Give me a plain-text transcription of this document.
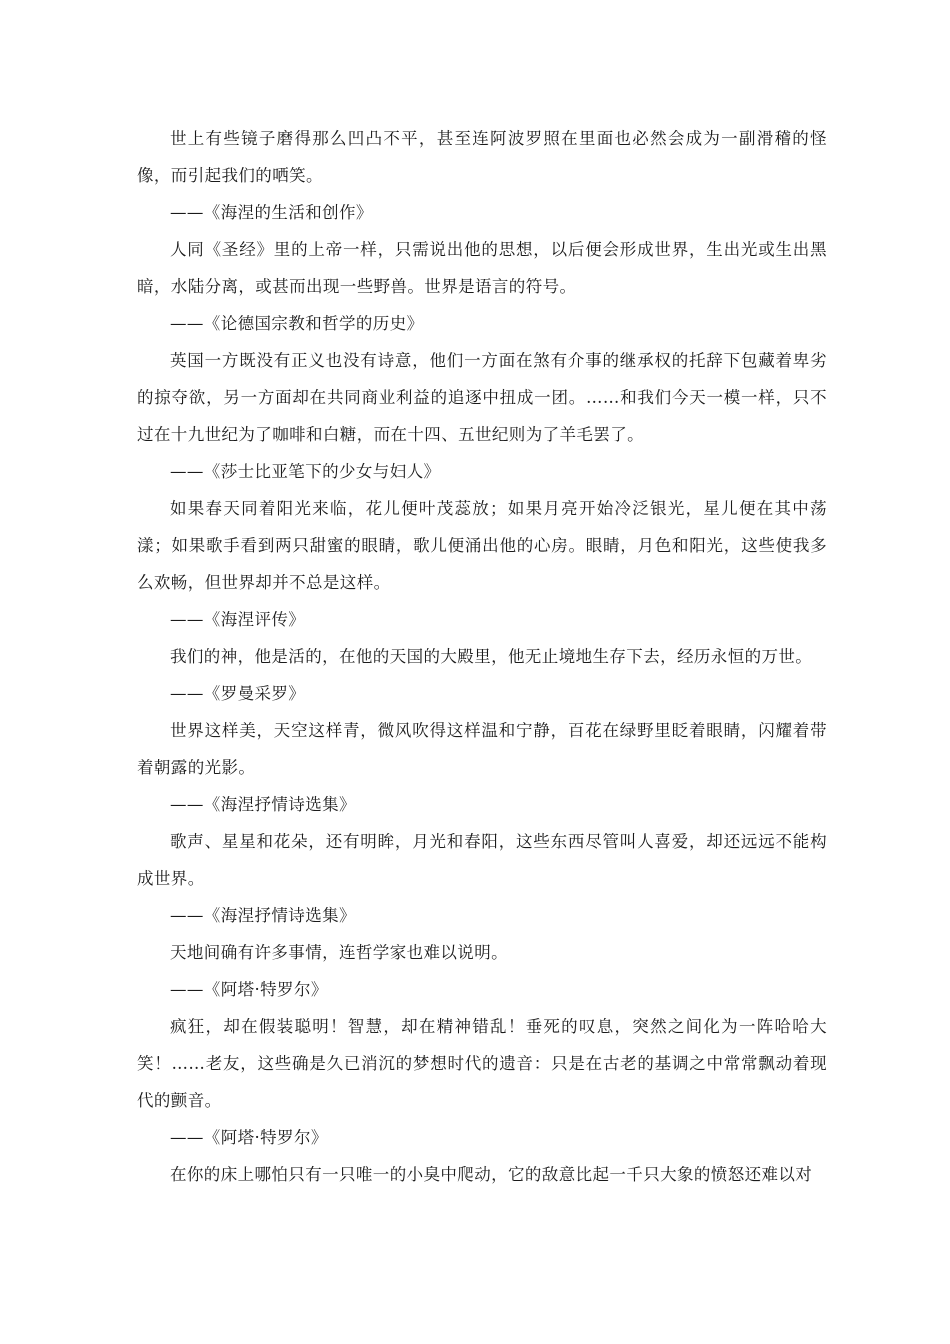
世上有些镜子磨得那么凹凸不平，甚至连阿波罗照在里面也必然会成为一副滑稽的怪像，而引起我们的哂笑。

——《海涅的生活和创作》

人同《圣经》里的上帝一样，只需说出他的思想，以后便会形成世界，生出光或生出黑暗，水陆分离，或甚而出现一些野兽。世界是语言的符号。

——《论德国宗教和哲学的历史》

英国一方既没有正义也没有诗意，他们一方面在煞有介事的继承权的托辞下包藏着卑劣的掠夺欲，另一方面却在共同商业利益的追逐中扭成一团。……和我们今天一模一样，只不过在十九世纪为了咖啡和白糖，而在十四、五世纪则为了羊毛罢了。

——《莎士比亚笔下的少女与妇人》

如果春天同着阳光来临，花儿便叶茂蕊放；如果月亮开始冷泛银光，星儿便在其中荡漾；如果歌手看到两只甜蜜的眼睛，歌儿便涌出他的心房。眼睛，月色和阳光，这些使我多么欢畅，但世界却并不总是这样。

——《海涅评传》

我们的神，他是活的，在他的天国的大殿里，他无止境地生存下去，经历永恒的万世。

——《罗曼采罗》

世界这样美，天空这样青，微风吹得这样温和宁静，百花在绿野里眨着眼睛，闪耀着带着朝露的光影。

——《海涅抒情诗选集》

歌声、星星和花朵，还有明眸，月光和春阳，这些东西尽管叫人喜爱，却还远远不能构成世界。

——《海涅抒情诗选集》

天地间确有许多事情，连哲学家也难以说明。

——《阿塔·特罗尔》

疯狂，却在假装聪明！智慧，却在精神错乱！垂死的叹息，突然之间化为一阵哈哈大笑！……老友，这些确是久已消沉的梦想时代的遗音：只是在古老的基调之中常常飘动着现代的颤音。

——《阿塔·特罗尔》

在你的床上哪怕只有一只唯一的小臭中爬动，它的敌意比起一千只大象的愤怒还难以对
